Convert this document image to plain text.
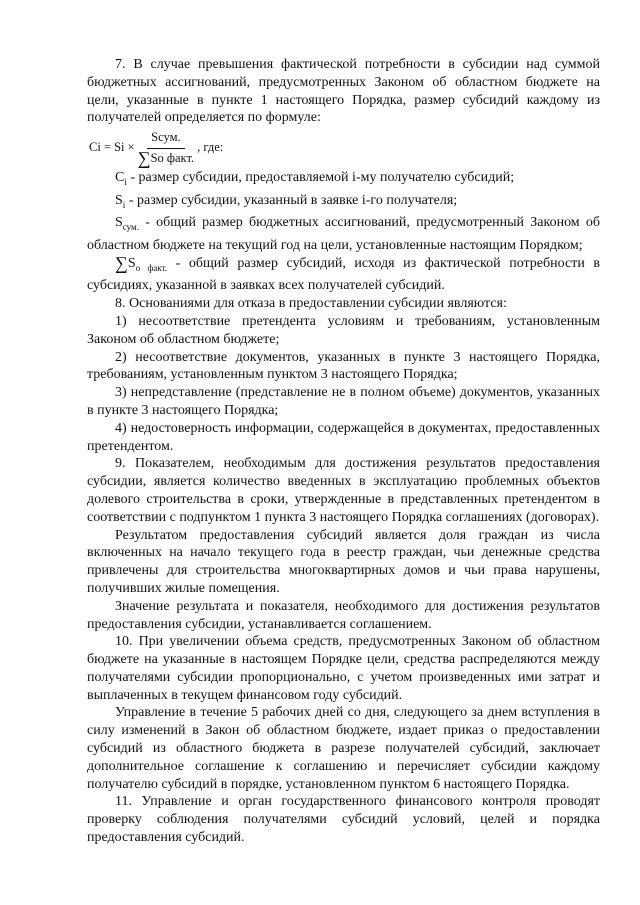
7. В случае превышения фактической потребности в субсидии над суммой бюджетных ассигнований, предусмотренных Законом об областном бюджете на цели, указанные в пункте 1 настоящего Порядка, размер субсидий каждому из получателей определяется по формуле:

$Ci = Si \times \frac{\text{Sсум.}}{\text{∑So факт.}}$ , где:

$C_i$ - размер субсидии, предоставляемой i-му получателю субсидий;

$S_i$ - размер субсидии, указанный в заявке i-го получателя;

$S_{сум.}$ - общий размер бюджетных ассигнований, предусмотренный Законом об областном бюджете на текущий год на цели, установленные настоящим Порядком;

$\sum S_{о факт.}$ - общий размер субсидий, исходя из фактической потребности в субсидиях, указанной в заявках всех получателей субсидий.

8. Основаниями для отказа в предоставлении субсидии являются:

1) несоответствие претендента условиям и требованиям, установленным Законом об областном бюджете;

2) несоответствие документов, указанных в пункте 3 настоящего Порядка, требованиям, установленным пунктом 3 настоящего Порядка;

3) непредставление (представление не в полном объеме) документов, указанных в пункте 3 настоящего Порядка;

4) недостоверность информации, содержащейся в документах, предоставленных претендентом.

9. Показателем, необходимым для достижения результатов предоставления субсидии, является количество введенных в эксплуатацию проблемных объектов долевого строительства в сроки, утвержденные в представленных претендентом в соответствии с подпунктом 1 пункта 3 настоящего Порядка соглашениях (договорах).

Результатом предоставления субсидий является доля граждан из числа включенных на начало текущего года в реестр граждан, чьи денежные средства привлечены для строительства многоквартирных домов и чьи права нарушены, получивших жилые помещения.

Значение результата и показателя, необходимого для достижения результатов предоставления субсидии, устанавливается соглашением.

10. При увеличении объема средств, предусмотренных Законом об областном бюджете на указанные в настоящем Порядке цели, средства распределяются между получателями субсидии пропорционально, с учетом произведенных ими затрат и выплаченных в текущем финансовом году субсидий.

Управление в течение 5 рабочих дней со дня, следующего за днем вступления в силу изменений в Закон об областном бюджете, издает приказ о предоставлении субсидий из областного бюджета в разрезе получателей субсидий, заключает дополнительное соглашение к соглашению и перечисляет субсидии каждому получателю субсидий в порядке, установленном пунктом 6 настоящего Порядка.

11. Управление и орган государственного финансового контроля проводят проверку соблюдения получателями субсидий условий, целей и порядка предоставления субсидий.
